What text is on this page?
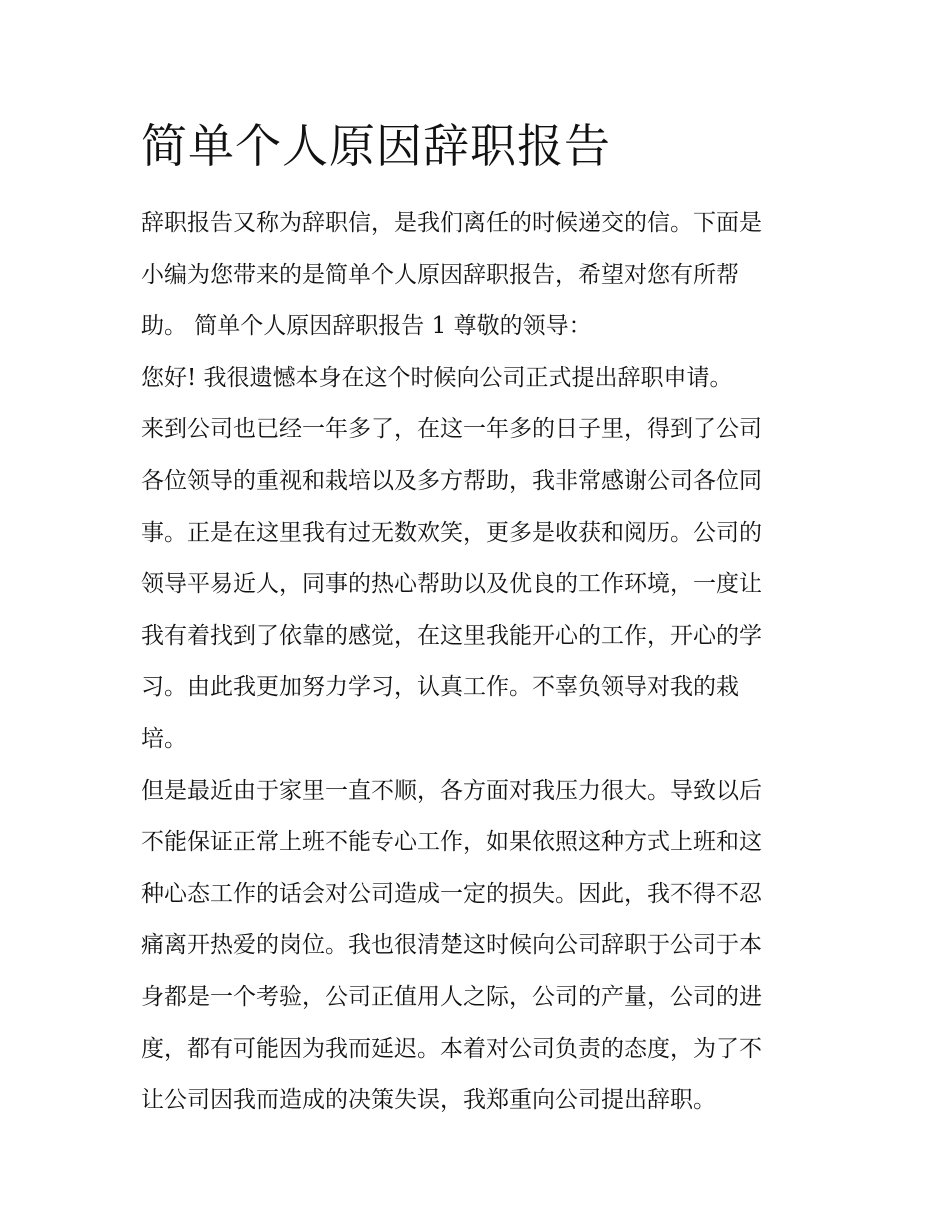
简单个人原因辞职报告
辞职报告又称为辞职信，是我们离任的时候递交的信。下面是
小编为您带来的是简单个人原因辞职报告，希望对您有所帮
助。 简单个人原因辞职报告 1 尊敬的领导：
您好! 我很遗憾本身在这个时候向公司正式提出辞职申请。
来到公司也已经一年多了，在这一年多的日子里，得到了公司
各位领导的重视和栽培以及多方帮助，我非常感谢公司各位同
事。正是在这里我有过无数欢笑，更多是收获和阅历。公司的
领导平易近人，同事的热心帮助以及优良的工作环境，一度让
我有着找到了依靠的感觉，在这里我能开心的工作，开心的学
习。由此我更加努力学习，认真工作。不辜负领导对我的栽
培。
但是最近由于家里一直不顺，各方面对我压力很大。导致以后
不能保证正常上班不能专心工作，如果依照这种方式上班和这
种心态工作的话会对公司造成一定的损失。因此，我不得不忍
痛离开热爱的岗位。我也很清楚这时候向公司辞职于公司于本
身都是一个考验，公司正值用人之际，公司的产量，公司的进
度，都有可能因为我而延迟。本着对公司负责的态度，为了不
让公司因我而造成的决策失误，我郑重向公司提出辞职。
